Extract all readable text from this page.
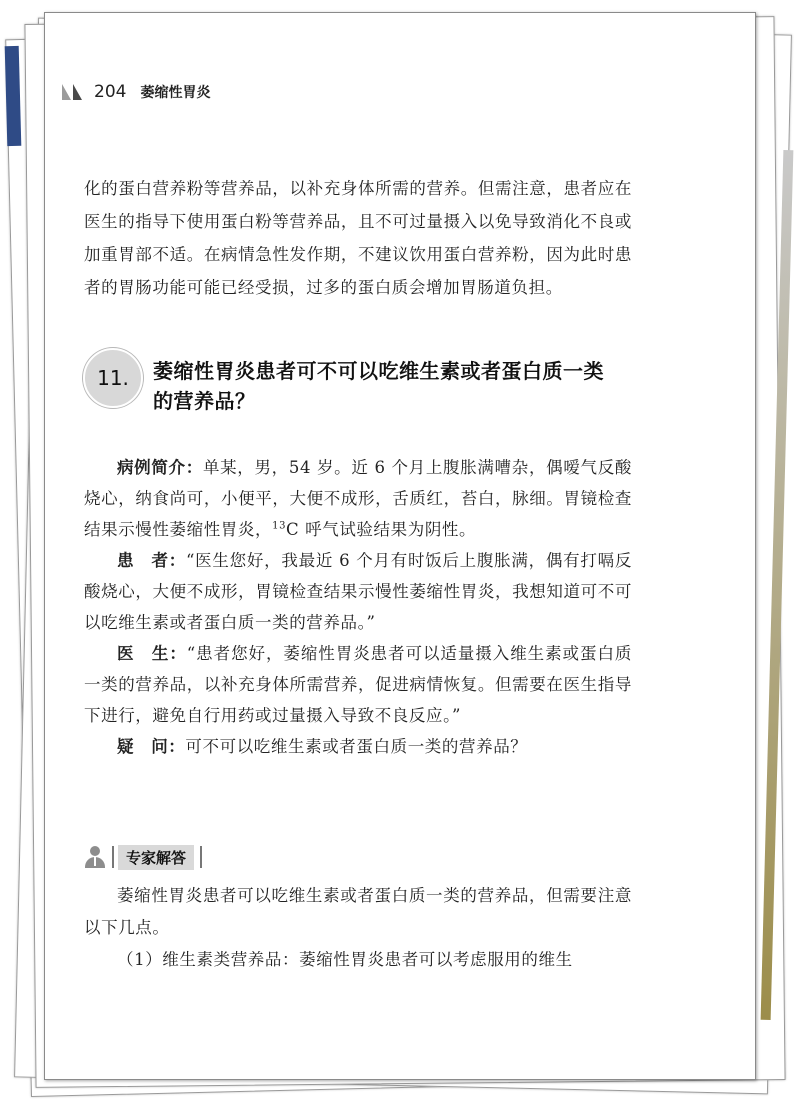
204 萎缩性胃炎

化的蛋白营养粉等营养品，以补充身体所需的营养。但需注意，患者应在医生的指导下使用蛋白粉等营养品，且不可过量摄入以免导致消化不良或加重胃部不适。在病情急性发作期，不建议饮用蛋白营养粉，因为此时患者的胃肠功能可能已经受损，过多的蛋白质会增加胃肠道负担。

11.	萎缩性胃炎患者可不可以吃维生素或者蛋白质一类的营养品？

病例简介：单某，男，54 岁。近 6 个月上腹胀满嘈杂，偶嗳气反酸烧心，纳食尚可，小便平，大便不成形，舌质红，苔白，脉细。胃镜检查结果示慢性萎缩性胃炎，$^{13}$C 呼气试验结果为阴性。

患　者：“医生您好，我最近 6 个月有时饭后上腹胀满，偶有打嗝反酸烧心，大便不成形，胃镜检查结果示慢性萎缩性胃炎，我想知道可不可以吃维生素或者蛋白质一类的营养品。”

医　生：“患者您好，萎缩性胃炎患者可以适量摄入维生素或蛋白质一类的营养品，以补充身体所需营养，促进病情恢复。但需要在医生指导下进行，避免自行用药或过量摄入导致不良反应。”

疑　问：可不可以吃维生素或者蛋白质一类的营养品？

专家解答

萎缩性胃炎患者可以吃维生素或者蛋白质一类的营养品，但需要注意以下几点。

（1）维生素类营养品：萎缩性胃炎患者可以考虑服用的维生
